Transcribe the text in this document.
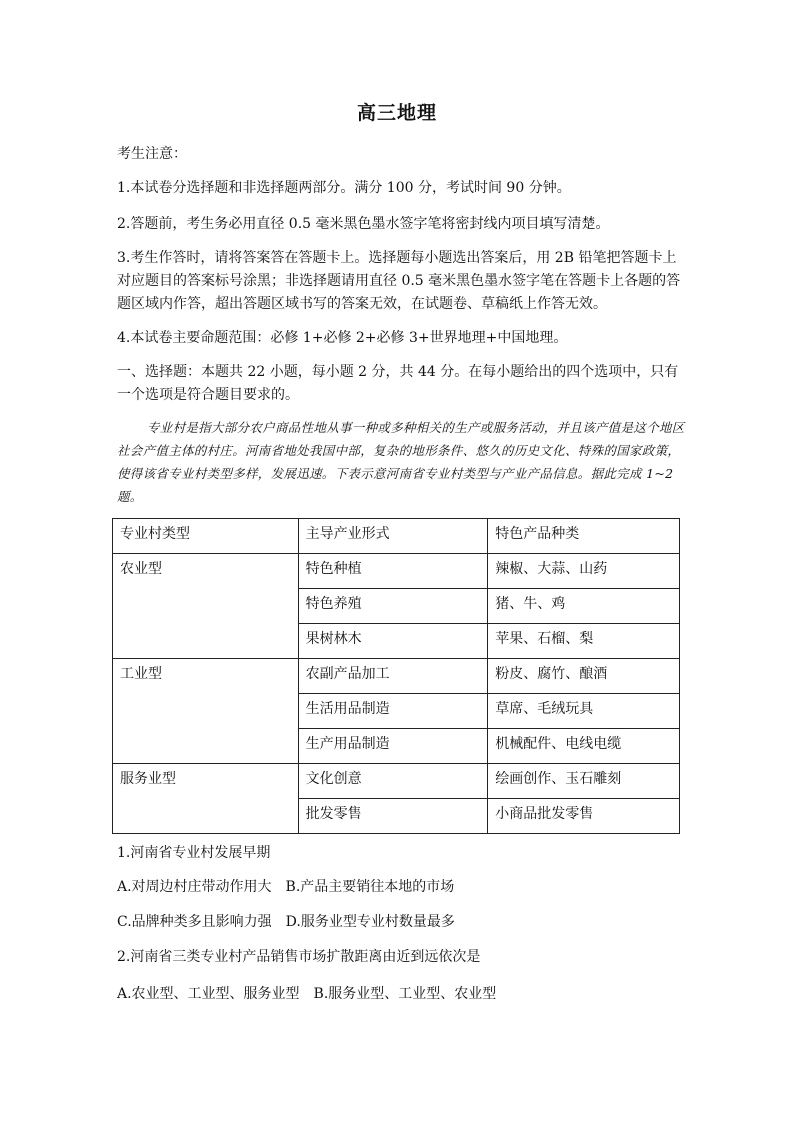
高三地理
考生注意：
1.本试卷分选择题和非选择题两部分。满分 100 分，考试时间 90 分钟。
2.答题前，考生务必用直径 0.5 毫米黑色墨水签字笔将密封线内项目填写清楚。
3.考生作答时，请将答案答在答题卡上。选择题每小题选出答案后，用 2B 铅笔把答题卡上对应题目的答案标号涂黑；非选择题请用直径 0.5 毫米黑色墨水签字笔在答题卡上各题的答题区域内作答，超出答题区域书写的答案无效，在试题卷、草稿纸上作答无效。
4.本试卷主要命题范围：必修 1+必修 2+必修 3+世界地理+中国地理。
一、选择题：本题共 22 小题，每小题 2 分，共 44 分。在每小题给出的四个选项中，只有一个选项是符合题目要求的。
专业村是指大部分农户商品性地从事一种或多种相关的生产或服务活动，并且该产值是这个地区社会产值主体的村庄。河南省地处我国中部，复杂的地形条件、悠久的历史文化、特殊的国家政策，使得该省专业村类型多样，发展迅速。下表示意河南省专业村类型与产业产品信息。据此完成 1~2 题。
专业村类型	主导产业形式	特色产品种类
农业型	特色种植	辣椒、大蒜、山药
	特色养殖	猪、牛、鸡
	果树林木	苹果、石榴、梨
工业型	农副产品加工	粉皮、腐竹、酿酒
	生活用品制造	草席、毛绒玩具
	生产用品制造	机械配件、电线电缆
服务业型	文化创意	绘画创作、玉石雕刻
	批发零售	小商品批发零售
1.河南省专业村发展早期
A.对周边村庄带动作用大　B.产品主要销往本地的市场
C.品牌种类多且影响力强　D.服务业型专业村数量最多
2.河南省三类专业村产品销售市场扩散距离由近到远依次是
A.农业型、工业型、服务业型　B.服务业型、工业型、农业型
